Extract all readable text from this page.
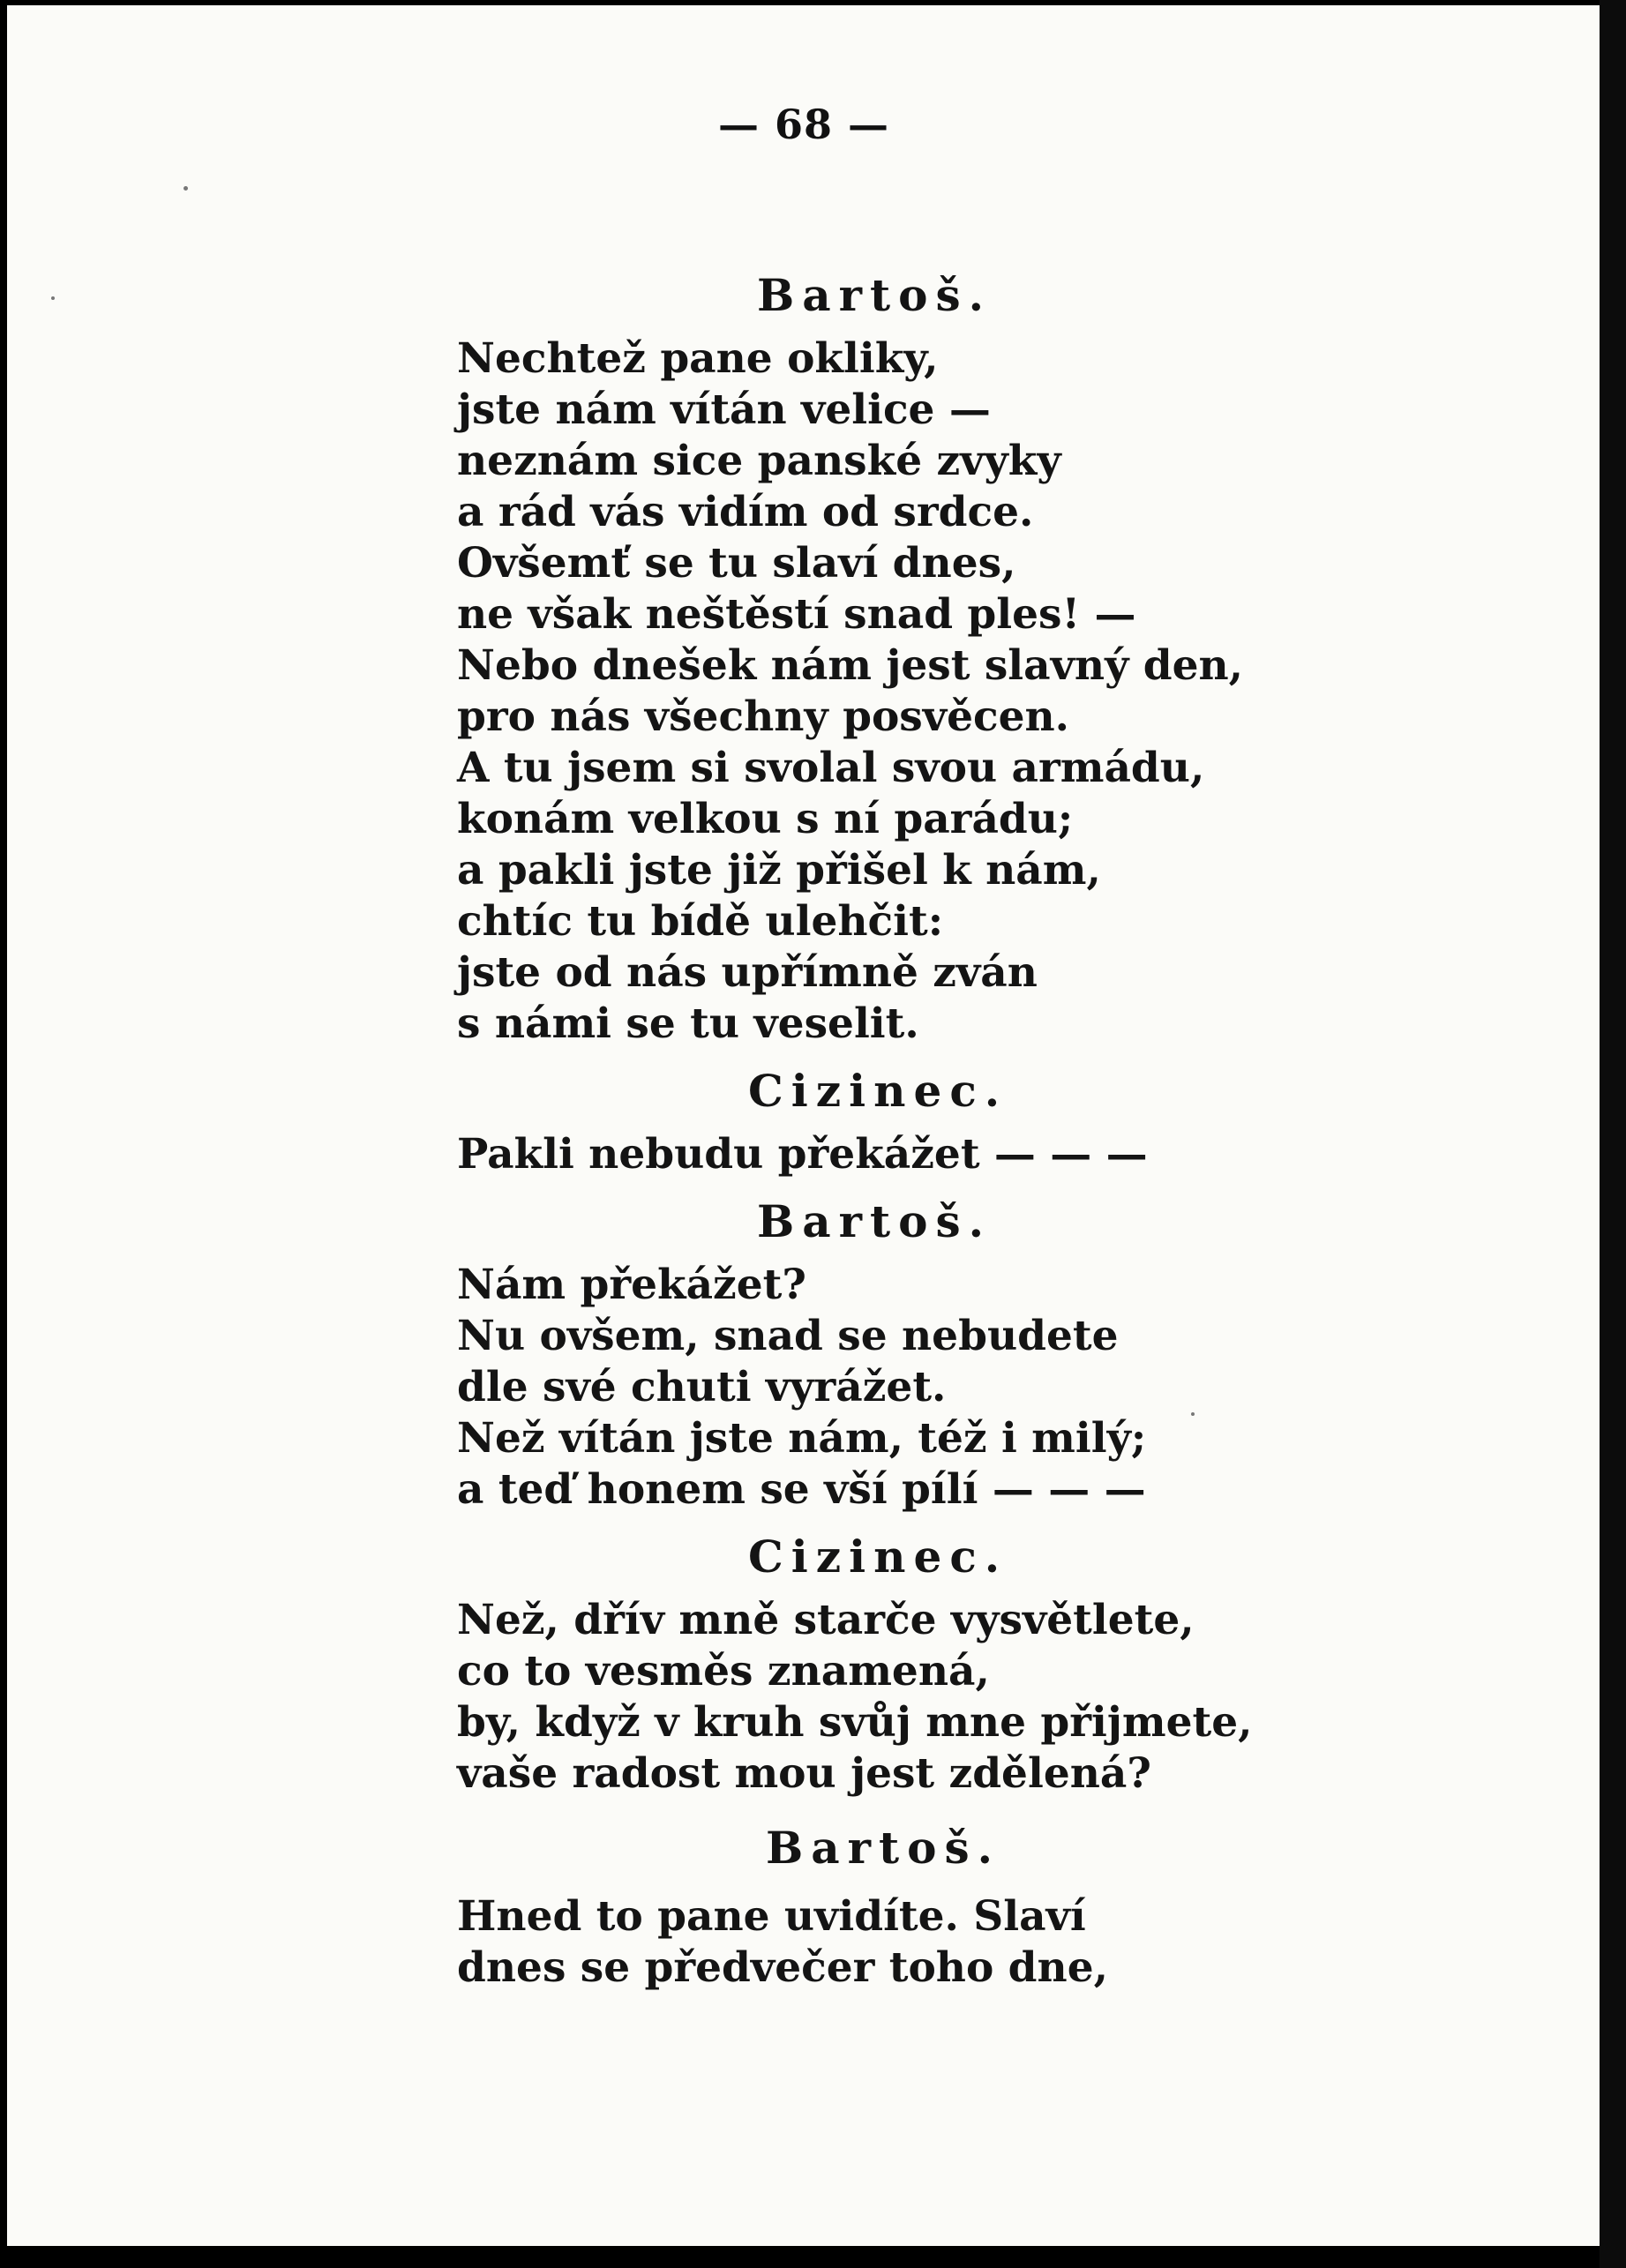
— 68 —
Bartoš.
Nechtež pane okliky,
jste nám vítán velice —
neznám sice panské zvyky
a rád vás vidím od srdce.
Ovšemť se tu slaví dnes,
ne však neštěstí snad ples! —
Nebo dnešek nám jest slavný den,
pro nás všechny posvěcen.
A tu jsem si svolal svou armádu,
konám velkou s ní parádu;
a pakli jste již přišel k nám,
chtíc tu bídě ulehčit:
jste od nás upřímně zván
s námi se tu veselit.
Cizinec.
Pakli nebudu překážet — — —
Bartoš.
Nám překážet?
Nu ovšem, snad se nebudete
dle své chuti vyrážet.
Než vítán jste nám, též i milý;
a teď honem se vší pílí — — —
Cizinec.
Než, dřív mně starče vysvětlete,
co to vesměs znamená,
by, když v kruh svůj mne přijmete,
vaše radost mou jest zdělená?
Bartoš.
Hned to pane uvidíte. Slaví
dnes se předvečer toho dne,
